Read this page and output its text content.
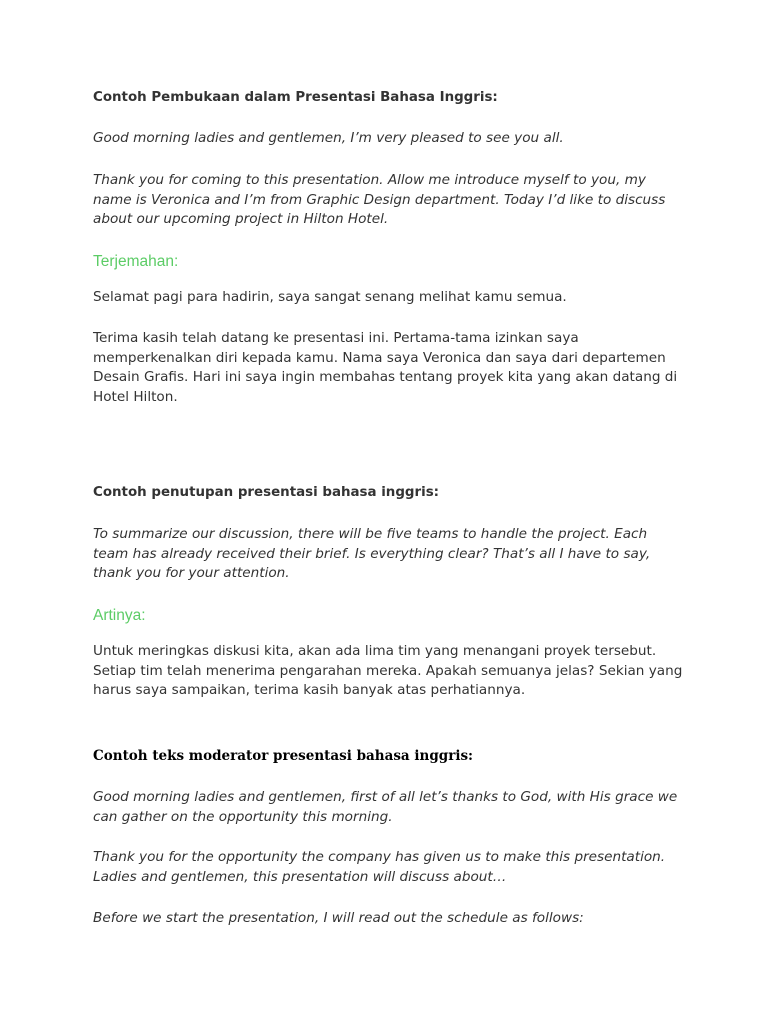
Contoh Pembukaan dalam Presentasi Bahasa Inggris:

Good morning ladies and gentlemen, I’m very pleased to see you all.

Thank you for coming to this presentation. Allow me introduce myself to you, my name is Veronica and I’m from Graphic Design department. Today I’d like to discuss about our upcoming project in Hilton Hotel.

Terjemahan:

Selamat pagi para hadirin, saya sangat senang melihat kamu semua.

Terima kasih telah datang ke presentasi ini. Pertama-tama izinkan saya memperkenalkan diri kepada kamu. Nama saya Veronica dan saya dari departemen Desain Grafis. Hari ini saya ingin membahas tentang proyek kita yang akan datang di Hotel Hilton.

Contoh penutupan presentasi bahasa inggris:

To summarize our discussion, there will be five teams to handle the project. Each team has already received their brief. Is everything clear? That’s all I have to say, thank you for your attention.

Artinya:

Untuk meringkas diskusi kita, akan ada lima tim yang menangani proyek tersebut. Setiap tim telah menerima pengarahan mereka. Apakah semuanya jelas? Sekian yang harus saya sampaikan, terima kasih banyak atas perhatiannya.

Contoh teks moderator presentasi bahasa inggris:

Good morning ladies and gentlemen, first of all let’s thanks to God, with His grace we can gather on the opportunity this morning.

Thank you for the opportunity the company has given us to make this presentation. Ladies and gentlemen, this presentation will discuss about…

Before we start the presentation, I will read out the schedule as follows:
